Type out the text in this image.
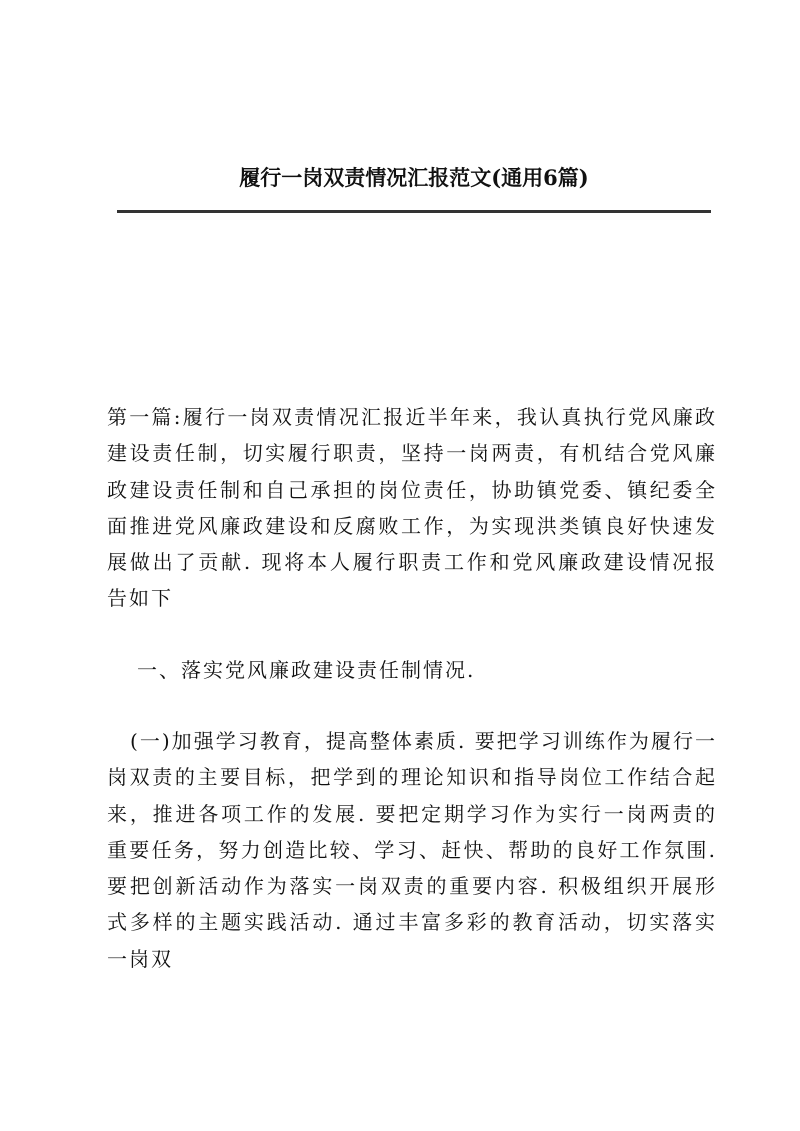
履行一岗双责情况汇报范文(通用6篇)

第一篇:履行一岗双责情况汇报近半年来，我认真执行党风廉政建设责任制，切实履行职责，坚持一岗两责，有机结合党风廉政建设责任制和自己承担的岗位责任，协助镇党委、镇纪委全面推进党风廉政建设和反腐败工作，为实现洪类镇良好快速发展做出了贡献. 现将本人履行职责工作和党风廉政建设情况报告如下

一、落实党风廉政建设责任制情况.

(一)加强学习教育，提高整体素质. 要把学习训练作为履行一岗双责的主要目标，把学到的理论知识和指导岗位工作结合起来，推进各项工作的发展. 要把定期学习作为实行一岗两责的重要任务，努力创造比较、学习、赶快、帮助的良好工作氛围. 要把创新活动作为落实一岗双责的重要内容. 积极组织开展形式多样的主题实践活动. 通过丰富多彩的教育活动，切实落实一岗双
